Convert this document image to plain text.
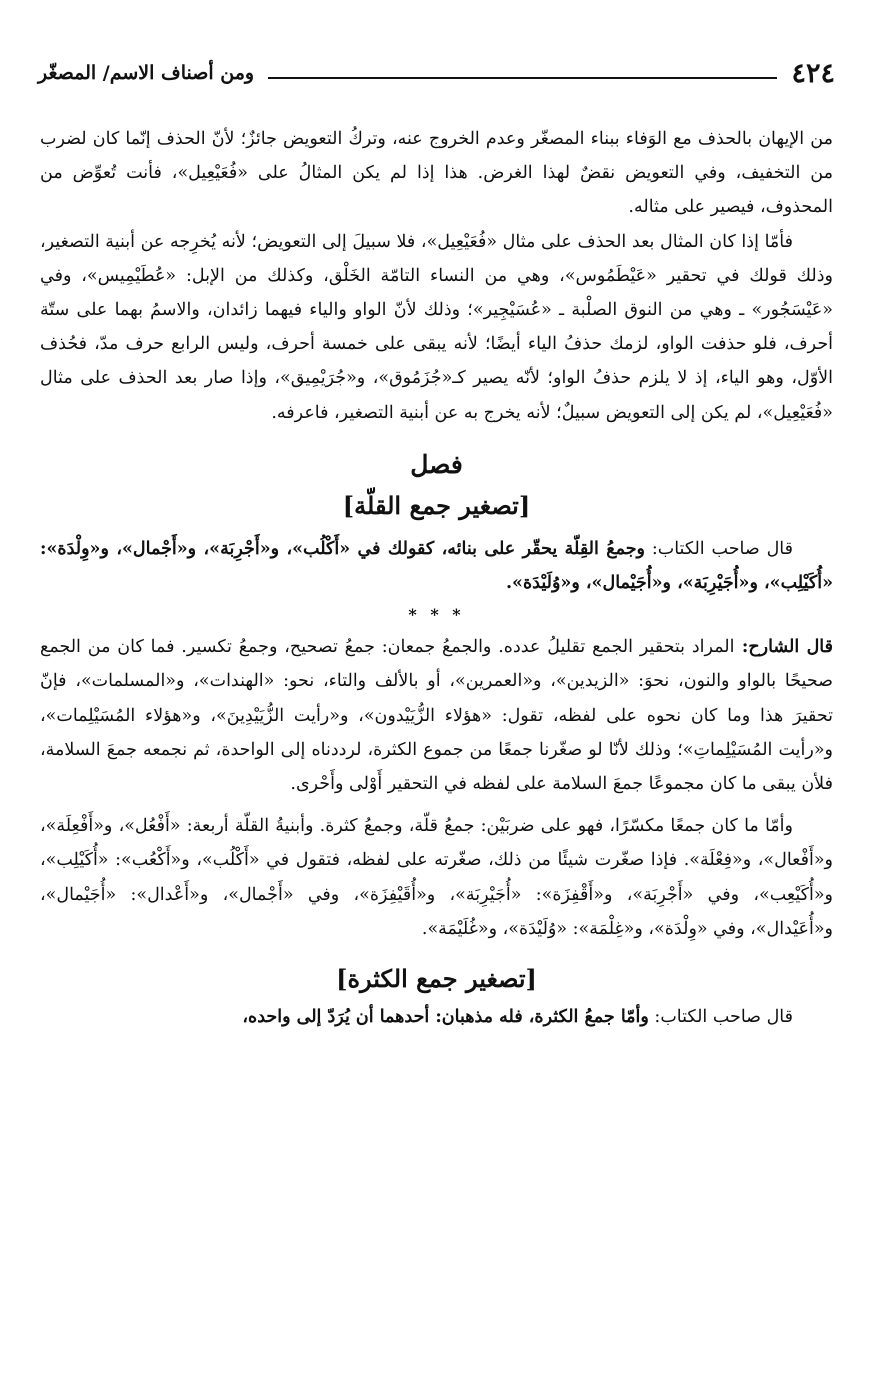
٤٢٤
ومن أصناف الاسم/ المصغّر

من الإيهان بالحذف مع الوَفاء ببناء المصغّر وعدم الخروج عنه، وتركُ التعويض جائزٌ؛ لأنّ الحذف إنّما كان لضرب من التخفيف، وفي التعويض نقضٌ لهذا الغرض. هذا إذا لم يكن المثالُ على «فُعَيْعِيل»، فأنت تُعوِّض من المحذوف، فيصير على مثاله.

فأمّا إذا كان المثال بعد الحذف على مثال «فُعَيْعِيل»، فلا سبيلَ إلى التعويض؛ لأنه يُخرِجه عن أبنية التصغير، وذلك قولك في تحقير «عَيْطَمُوس»، وهي من النساء التامّة الخَلْق، وكذلك من الإبل: «عُطَيْمِيس»، وفي «عَيْسَجُور» ـ وهي من النوق الصلْبة ـ «عُسَيْجِير»؛ وذلك لأنّ الواو والياء فيهما زائدان، والاسمُ بهما على ستّة أحرف، فلو حذفت الواو، لزمك حذفُ الياء أيضًا؛ لأنه يبقى على خمسة أحرف، وليس الرابع حرف مدّ، فحُذف الأوّل، وهو الياء، إذ لا يلزم حذفُ الواو؛ لأنّه يصير كـ«جُزَمُوق»، و«جُرَيْمِيق»، وإذا صار بعد الحذف على مثال «فُعَيْعِيل»، لم يكن إلى التعويض سبيلٌ؛ لأنه يخرج به عن أبنية التصغير، فاعرفه.

فصل
[تصغير جمع القلّة]

قال صاحب الكتاب: وجمعُ القِلّة يحقّر على بنائه، كقولك في «أَكْلُب»، و«أَجْرِبَة»، و«أَجْمال»، و«وِلْدَة»: «أُكَيْلِب»، و«أُجَيْرِبَة»، و«أُجَيْمال»، و«وُلَيْدَة».

* * *

قال الشارح: المراد بتحقير الجمع تقليلُ عدده. والجمعُ جمعان: جمعُ تصحيح، وجمعُ تكسير. فما كان من الجمع صحيحًا بالواو والنون، نحوَ: «الزيدين»، و«العمرين»، أو بالألف والتاء، نحو: «الهندات»، و«المسلمات»، فإنّ تحقيرَ هذا وما كان نحوه على لفظه، تقول: «هؤلاء الزُّيَيْدون»، و«رأيت الزُّيَيْدِينَ»، و«هؤلاء المُسَيْلِمات»، و«رأيت المُسَيْلِماتِ»؛ وذلك لأنّا لو صغّرنا جمعًا من جموع الكثرة، لرددناه إلى الواحدة، ثم نجمعه جمعَ السلامة، فلأن يبقى ما كان مجموعًا جمعَ السلامة على لفظه في التحقير أَوْلى وأَحْرى.

وأمّا ما كان جمعًا مكسّرًا، فهو على ضربَيْن: جمعُ قلّة، وجمعُ كثرة. وأبنيةُ القلّة أربعة: «أَفْعُل»، و«أَفْعِلَة»، و«أَفْعال»، و«فِعْلَة». فإذا صغّرت شيئًا من ذلك، صغّرته على لفظه، فتقول في «أَكْلُب»، و«أَكْعُب»: «أُكَيْلِب»، و«أُكَيْعِب»، وفي «أَجْرِبَة»، و«أَقْفِزَة»: «أُجَيْرِبَة»، و«أُقَيْفِزَة»، وفي «أَجْمال»، و«أَعْدال»: «أُجَيْمال»، و«أُعَيْدال»، وفي «وِلْدَة»، و«غِلْمَة»: «وُلَيْدَة»، و«غُلَيْمَة».

[تصغير جمع الكثرة]

قال صاحب الكتاب: وأمّا جمعُ الكثرة، فله مذهبان: أحدهما أن يُرَدّ إلى واحده،
